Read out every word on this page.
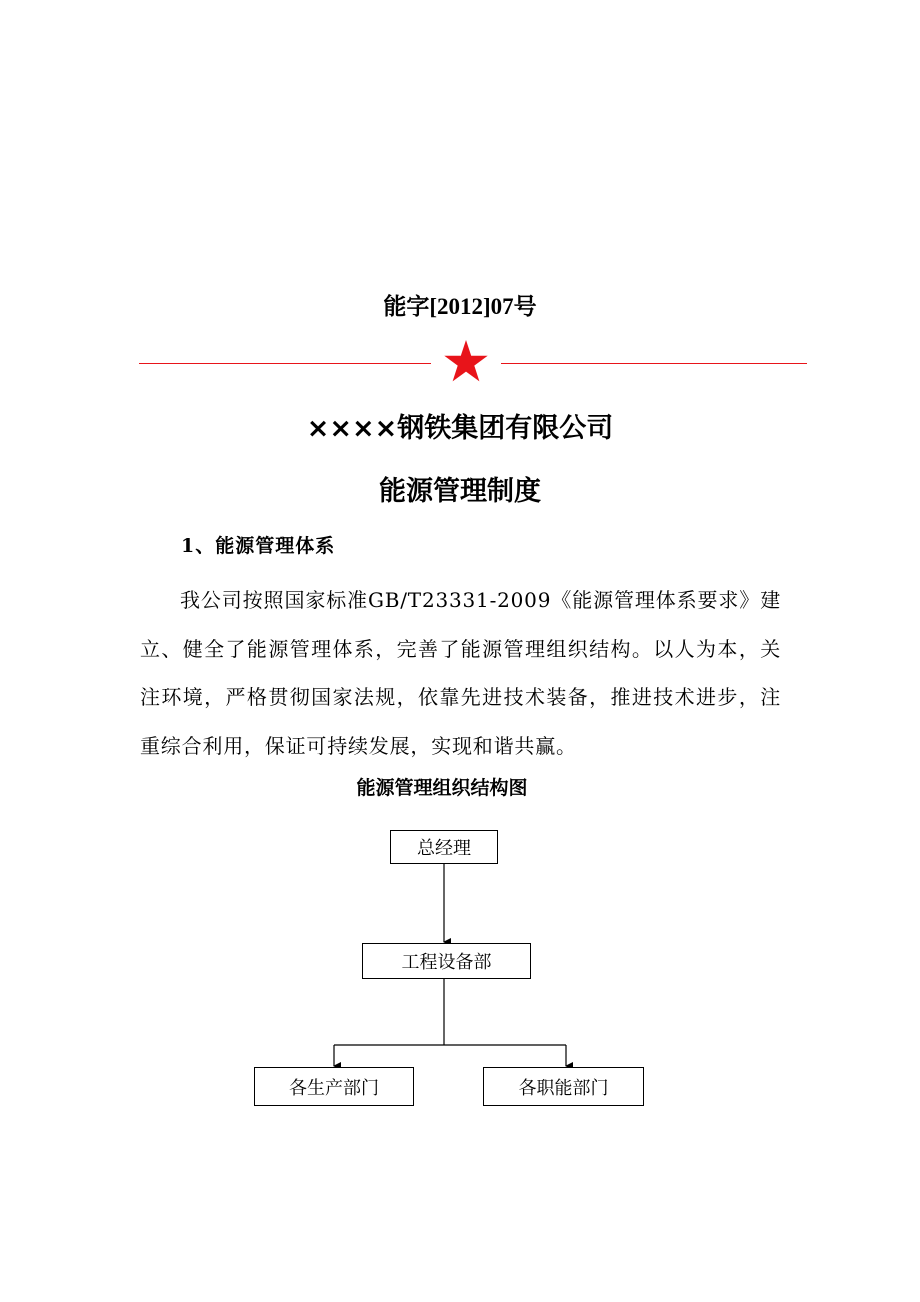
能字[2012]07号
××××钢铁集团有限公司
能源管理制度
1、能源管理体系
我公司按照国家标准GB/T23331-2009《能源管理体系要求》建立、健全了能源管理体系，完善了能源管理组织结构。以人为本，关注环境，严格贯彻国家法规，依靠先进技术装备，推进技术进步，注重综合利用，保证可持续发展，实现和谐共赢。
能源管理组织结构图
总经理
工程设备部
各生产部门	各职能部门
